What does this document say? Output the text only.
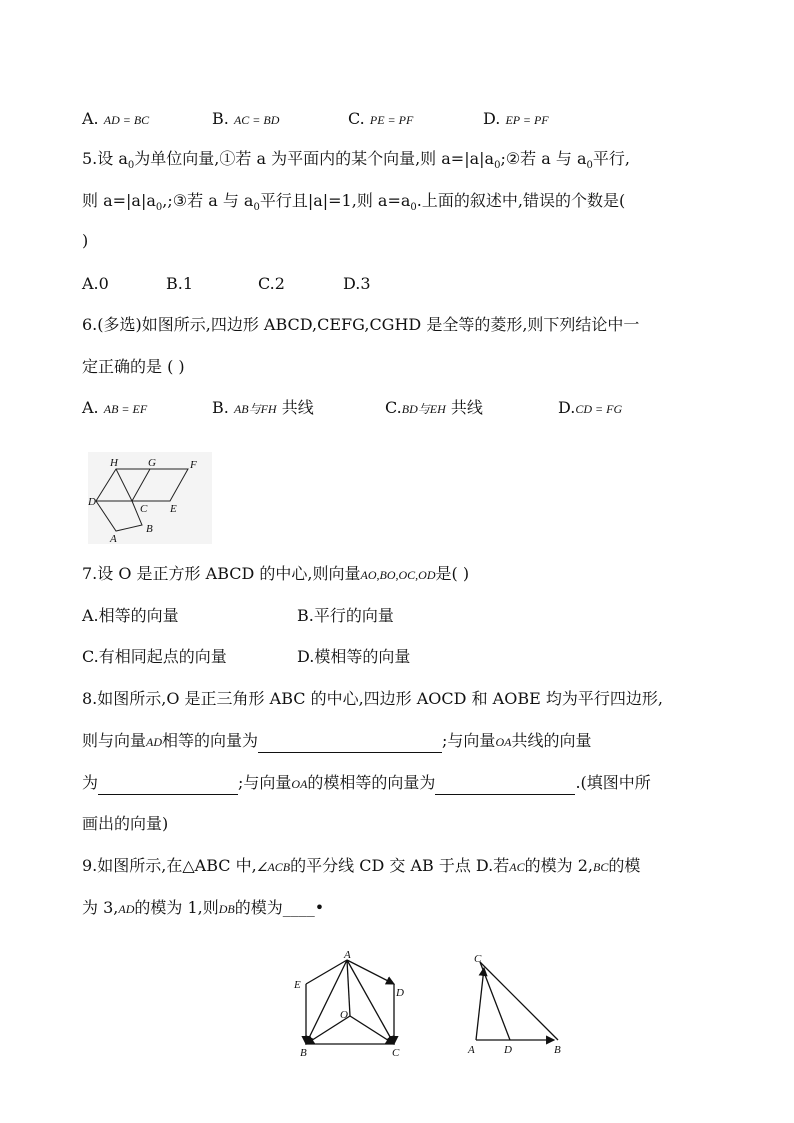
A. AD = BC	B. AC = BD	C. PE = PF	D. EP = PF
5.设 $a_0$为单位向量,①若 a 为平面内的某个向量,则 $a=|a|a_0;②$若 a 与 $a_0$平行,
则 $a=|a|a_0,;③$若 a 与 $a_0$平行且|a|=1,则 $a=a_0$.上面的叙述中,错误的个数是(
)
A.0	B.1	C.2	D.3
6.(多选)如图所示,四边形 ABCD,CEFG,CGHD 是全等的菱形,则下列结论中一
定正确的是 ( )
A. AB = EF	B. AB与FH 共线	C.BD与EH 共线	D.CD = FG
H	G	F
D
C E
A
B
7.设 O 是正方形 ABCD 的中心,则向量AO,BO,OC,OD是( )
A.相等的向量	B.平行的向量
C.有相同起点的向量	D.模相等的向量
8.如图所示,O 是正三角形 ABC 的中心,四边形 AOCD 和 AOBE 均为平行四边形,
则与向量AD相等的向量为	;与向量OA共线的向量
为	;与向量OA的模相等的向量为	.(填图中所
画出的向量)
9.如图所示,在△ABC 中,∠ACB的平分线 CD 交 AB 于点 D.若AC的模为 2,BC的模
为 3,AD的模为 1,则DB的模为____•
A
E
D
O
B	C
C
A	D	B
